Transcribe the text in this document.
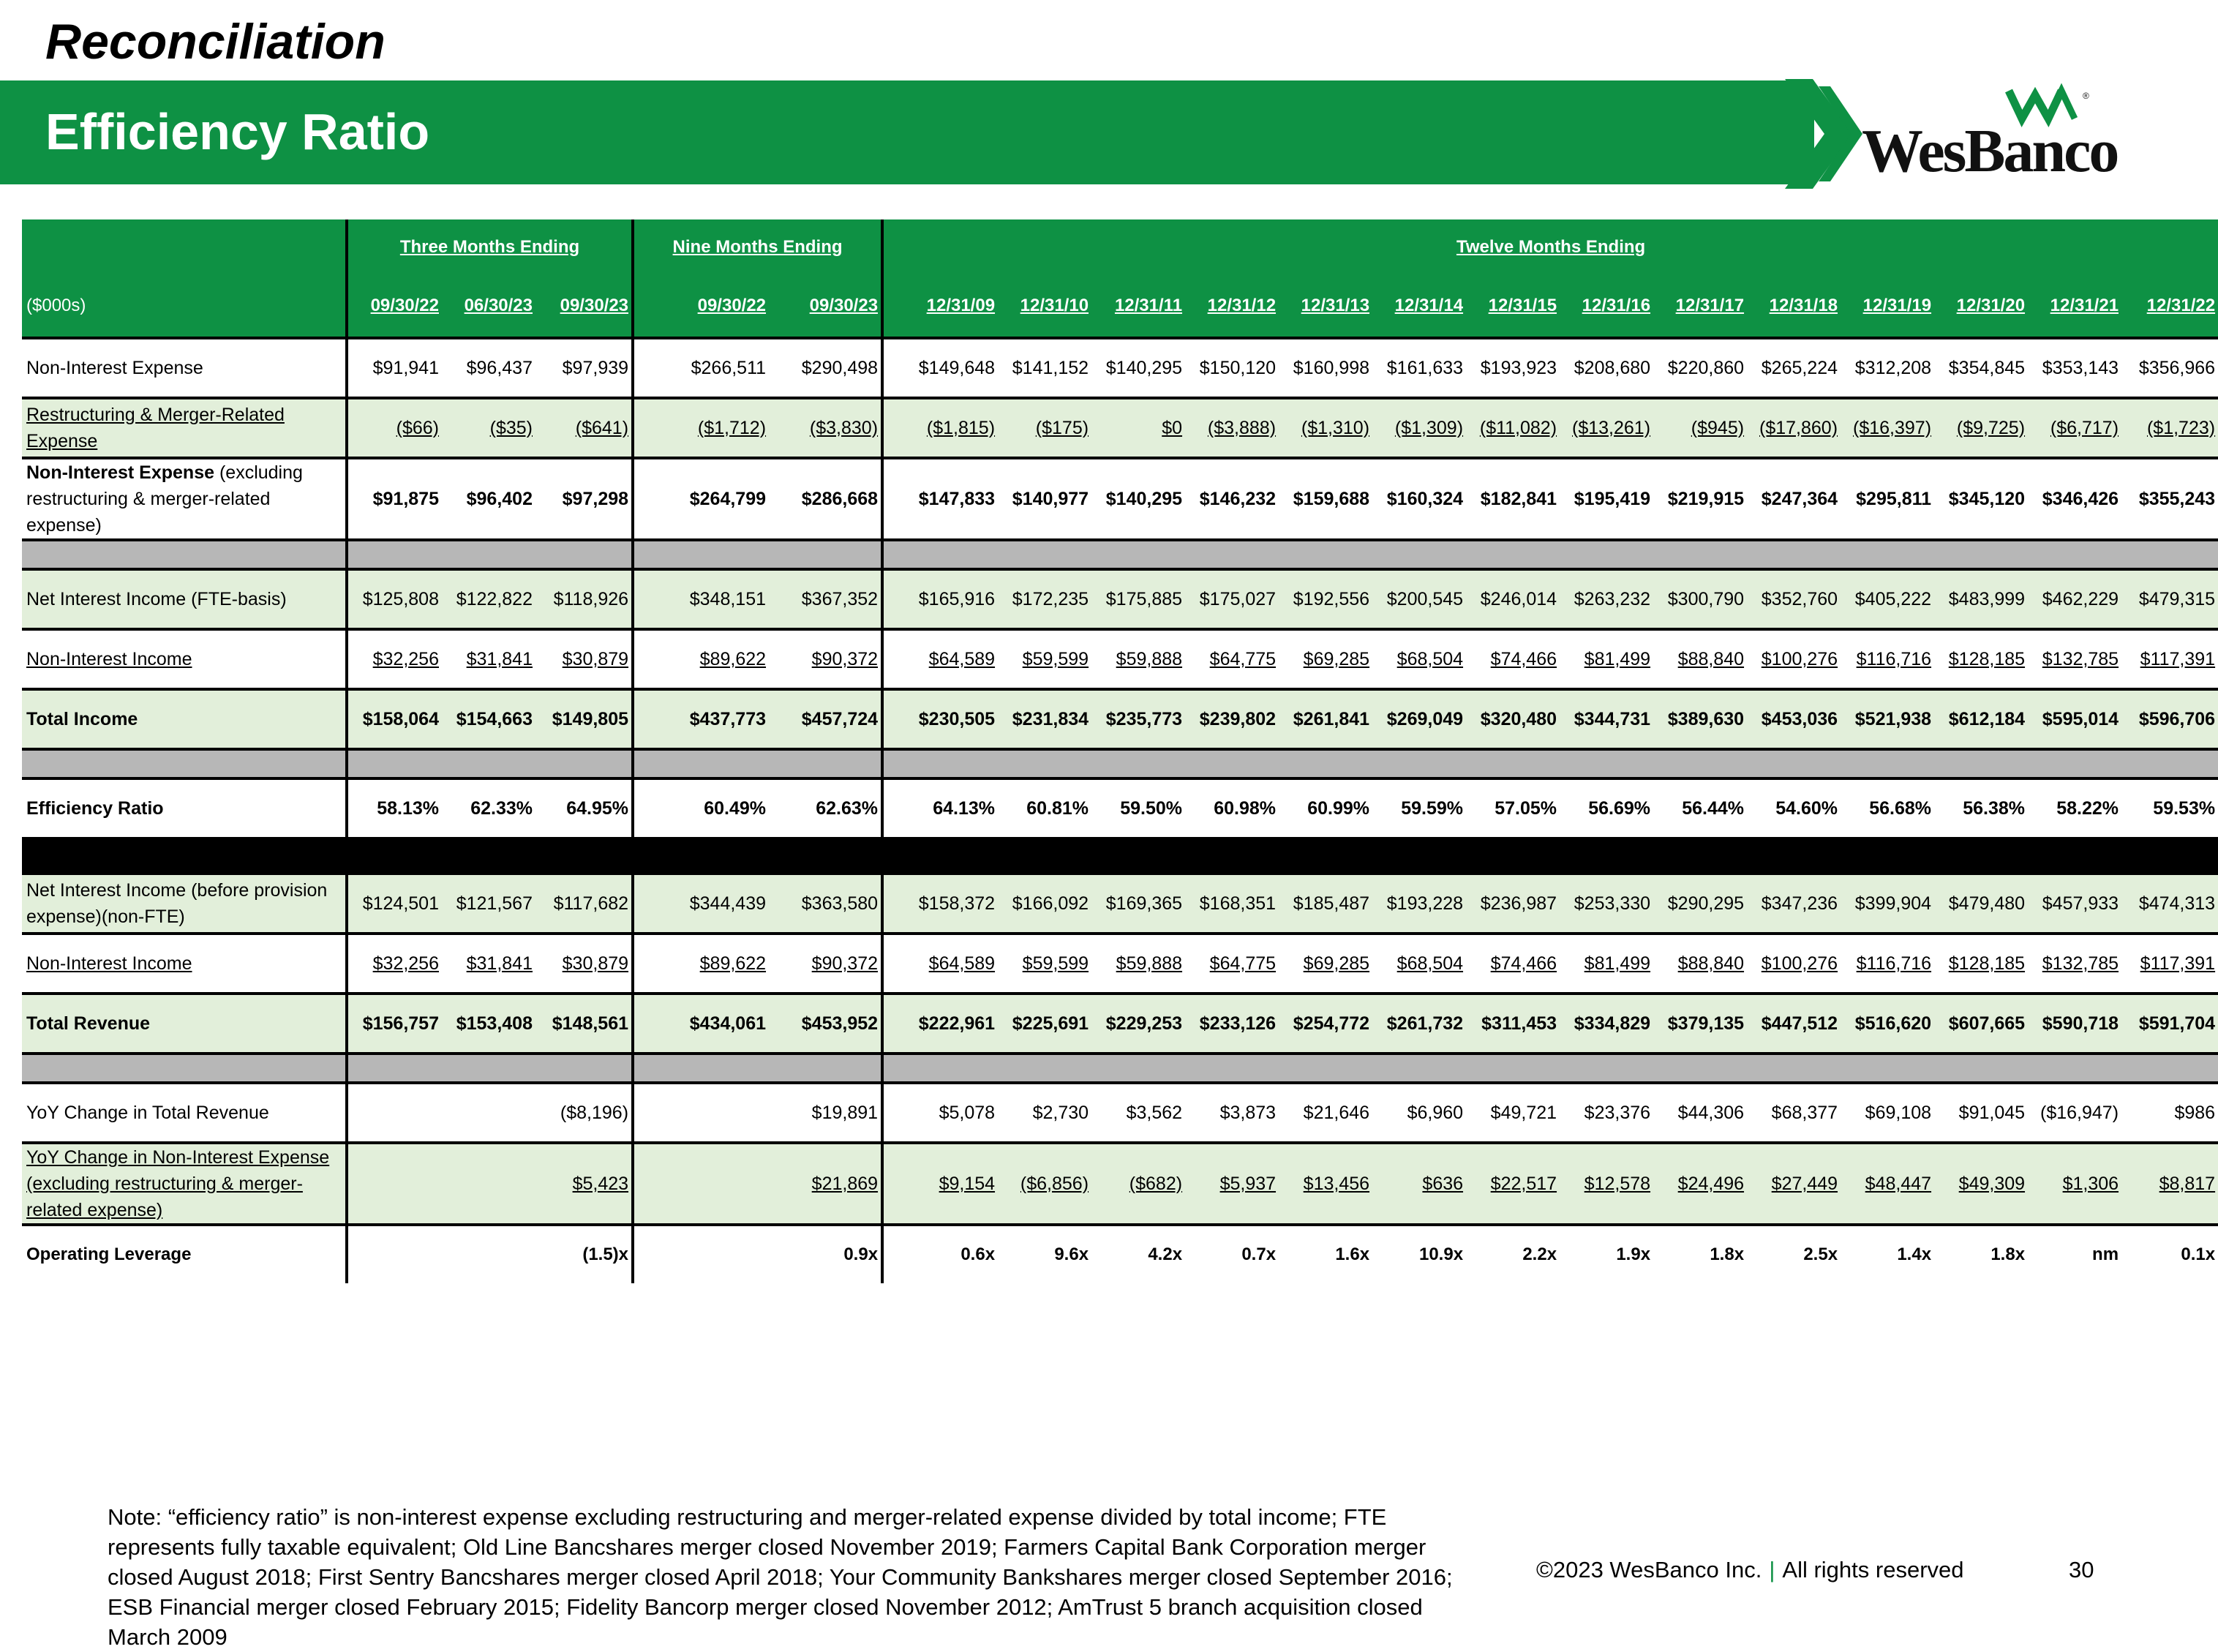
Reconciliation
Efficiency Ratio
®
WesBanco
	Three Months Ending			Nine Months Ending		Twelve Months Ending													
($000s)	09/30/22	06/30/23	09/30/23	09/30/22	09/30/23	12/31/09	12/31/10	12/31/11	12/31/12	12/31/13	12/31/14	12/31/15	12/31/16	12/31/17	12/31/18	12/31/19	12/31/20	12/31/21	12/31/22
Non-Interest Expense	$91,941	$96,437	$97,939	$266,511	$290,498	$149,648	$141,152	$140,295	$150,120	$160,998	$161,633	$193,923	$208,680	$220,860	$265,224	$312,208	$354,845	$353,143	$356,966
Restructuring & Merger-Related Expense	($66)	($35)	($641)	($1,712)	($3,830)	($1,815)	($175)	$0	($3,888)	($1,310)	($1,309)	($11,082)	($13,261)	($945)	($17,860)	($16,397)	($9,725)	($6,717)	($1,723)
Non-Interest Expense (excluding restructuring & merger-related expense)	$91,875	$96,402	$97,298	$264,799	$286,668	$147,833	$140,977	$140,295	$146,232	$159,688	$160,324	$182,841	$195,419	$219,915	$247,364	$295,811	$345,120	$346,426	$355,243

Net Interest Income (FTE-basis)	$125,808	$122,822	$118,926	$348,151	$367,352	$165,916	$172,235	$175,885	$175,027	$192,556	$200,545	$246,014	$263,232	$300,790	$352,760	$405,222	$483,999	$462,229	$479,315
Non-Interest Income	$32,256	$31,841	$30,879	$89,622	$90,372	$64,589	$59,599	$59,888	$64,775	$69,285	$68,504	$74,466	$81,499	$88,840	$100,276	$116,716	$128,185	$132,785	$117,391
Total Income	$158,064	$154,663	$149,805	$437,773	$457,724	$230,505	$231,834	$235,773	$239,802	$261,841	$269,049	$320,480	$344,731	$389,630	$453,036	$521,938	$612,184	$595,014	$596,706

Efficiency Ratio	58.13%	62.33%	64.95%	60.49%	62.63%	64.13%	60.81%	59.50%	60.98%	60.99%	59.59%	57.05%	56.69%	56.44%	54.60%	56.68%	56.38%	58.22%	59.53%

Net Interest Income (before provision expense)(non-FTE)	$124,501	$121,567	$117,682	$344,439	$363,580	$158,372	$166,092	$169,365	$168,351	$185,487	$193,228	$236,987	$253,330	$290,295	$347,236	$399,904	$479,480	$457,933	$474,313
Non-Interest Income	$32,256	$31,841	$30,879	$89,622	$90,372	$64,589	$59,599	$59,888	$64,775	$69,285	$68,504	$74,466	$81,499	$88,840	$100,276	$116,716	$128,185	$132,785	$117,391
Total Revenue	$156,757	$153,408	$148,561	$434,061	$453,952	$222,961	$225,691	$229,253	$233,126	$254,772	$261,732	$311,453	$334,829	$379,135	$447,512	$516,620	$607,665	$590,718	$591,704

YoY Change in Total Revenue			($8,196)		$19,891	$5,078	$2,730	$3,562	$3,873	$21,646	$6,960	$49,721	$23,376	$44,306	$68,377	$69,108	$91,045	($16,947)	$986
YoY Change in Non-Interest Expense (excluding restructuring & merger-related expense)			$5,423		$21,869	$9,154	($6,856)	($682)	$5,937	$13,456	$636	$22,517	$12,578	$24,496	$27,449	$48,447	$49,309	$1,306	$8,817
Operating Leverage			(1.5)x		0.9x	0.6x	9.6x	4.2x	0.7x	1.6x	10.9x	2.2x	1.9x	1.8x	2.5x	1.4x	1.8x	nm	0.1x
Note: “efficiency ratio” is non-interest expense excluding restructuring and merger-related expense divided by total income; FTE represents fully taxable equivalent; Old Line Bancshares merger closed November 2019; Farmers Capital Bank Corporation merger closed August 2018; First Sentry Bancshares merger closed April 2018; Your Community Bankshares merger closed September 2016; ESB Financial merger closed February 2015; Fidelity Bancorp merger closed November 2012; AmTrust 5 branch acquisition closed March 2009
©2023 WesBanco Inc. | All rights reserved	30
